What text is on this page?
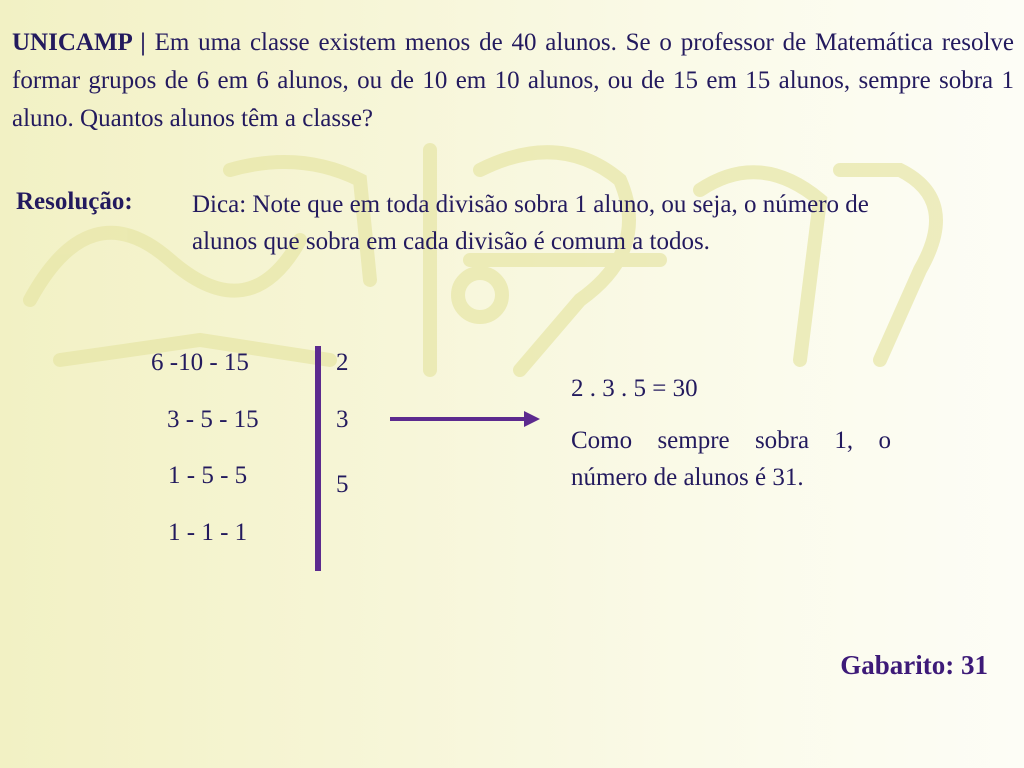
UNICAMP | Em uma classe existem menos de 40 alunos. Se o professor de Matemática resolve formar grupos de 6 em 6 alunos, ou de 10 em 10 alunos, ou de 15 em 15 alunos, sempre sobra 1 aluno. Quantos alunos têm a classe?
Resolução: Dica: Note que em toda divisão sobra 1 aluno, ou seja, o número de alunos que sobra em cada divisão é comum a todos.
6 -10 - 15
3 - 5 - 15
1 - 5 - 5
1 - 1 - 1
2
3
5
2 . 3 . 5 = 30
Como sempre sobra 1, o número de alunos é 31.
Gabarito: 31
